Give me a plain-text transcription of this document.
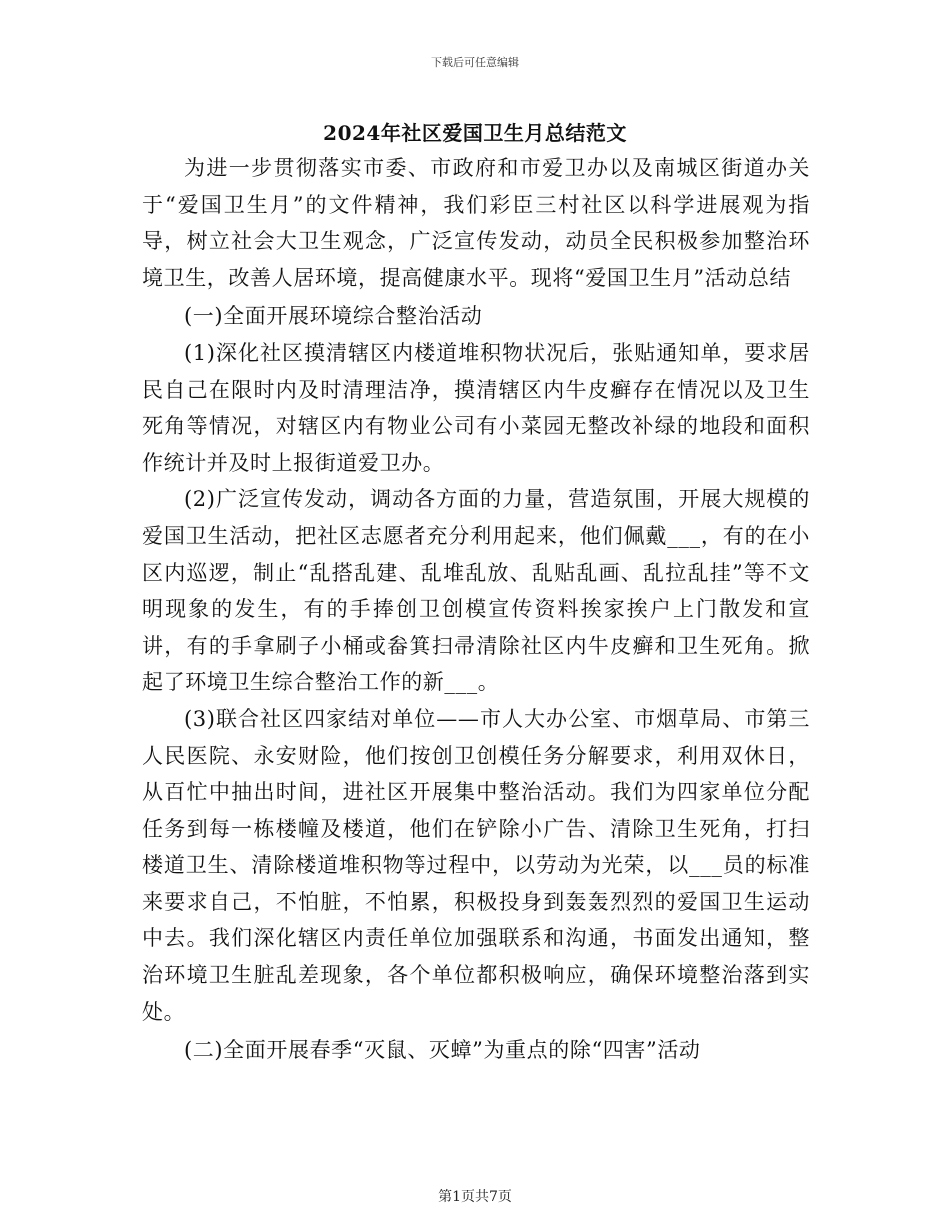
下载后可任意编辑
2024年社区爱国卫生月总结范文

为进一步贯彻落实市委、市政府和市爱卫办以及南城区街道办关于“爱国卫生月”的文件精神，我们彩臣三村社区以科学进展观为指导，树立社会大卫生观念，广泛宣传发动，动员全民积极参加整治环境卫生，改善人居环境，提高健康水平。现将“爱国卫生月”活动总结

(一)全面开展环境综合整治活动

(1)深化社区摸清辖区内楼道堆积物状况后，张贴通知单，要求居民自己在限时内及时清理洁净，摸清辖区内牛皮癣存在情况以及卫生死角等情况，对辖区内有物业公司有小菜园无整改补绿的地段和面积作统计并及时上报街道爱卫办。

(2)广泛宣传发动，调动各方面的力量，营造氛围，开展大规模的爱国卫生活动，把社区志愿者充分利用起来，他们佩戴___，有的在小区内巡逻，制止“乱搭乱建、乱堆乱放、乱贴乱画、乱拉乱挂”等不文明现象的发生，有的手捧创卫创模宣传资料挨家挨户上门散发和宣讲，有的手拿刷子小桶或畚箕扫帚清除社区内牛皮癣和卫生死角。掀起了环境卫生综合整治工作的新___。

(3)联合社区四家结对单位——市人大办公室、市烟草局、市第三人民医院、永安财险，他们按创卫创模任务分解要求，利用双休日，从百忙中抽出时间，进社区开展集中整治活动。我们为四家单位分配任务到每一栋楼幢及楼道，他们在铲除小广告、清除卫生死角，打扫楼道卫生、清除楼道堆积物等过程中，以劳动为光荣，以___员的标准来要求自己，不怕脏，不怕累，积极投身到轰轰烈烈的爱国卫生运动中去。我们深化辖区内责任单位加强联系和沟通，书面发出通知，整治环境卫生脏乱差现象，各个单位都积极响应，确保环境整治落到实处。

(二)全面开展春季“灭鼠、灭蟑”为重点的除“四害”活动

第1页共7页
